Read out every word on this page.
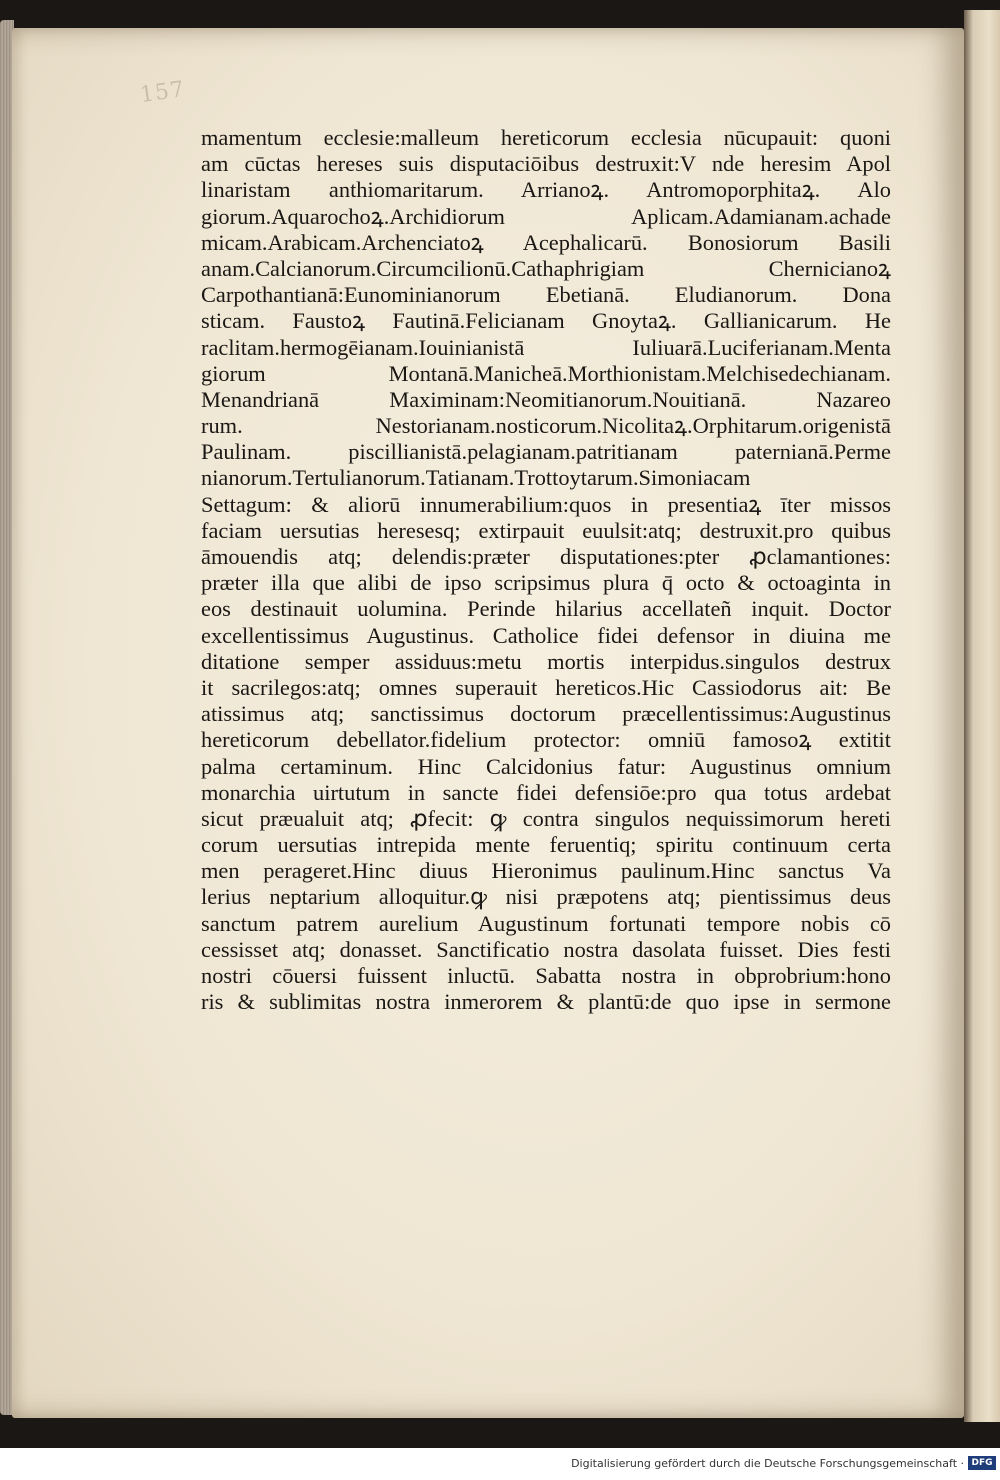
157
mamentum ecclesie:malleum hereticorum ecclesia nūcupauit: quoni
am cūctas hereses suis disputaciōibus destruxit:V nde heresim Apol
linaristam anthiomaritarum. Arrianoꝝ. Antromoporphitaꝝ. Alo
giorum.Aquarochoꝝ.Archidiorum Aplicam.Adamianam.achade
micam.Arabicam.Archenciatoꝝ Acephalicarū. Bonosiorum Basili
anam.Calcianorum.Circumcilionū.Cathaphrigiam Chernicianoꝝ
Carpothantianā:Eunominianorum Ebetianā. Eludianorum. Dona
sticam. Faustoꝝ Fautinā.Felicianam Gnoytaꝝ. Gallianicarum. He
raclitam.hermogēianam.Iouinianistā Iuliuarā.Luciferianam.Menta
giorum Montanā.Manicheā.Morthionistam.Melchisedechianam.
Menandrianā Maximinam:Neomitianorum.Nouitianā. Nazareo
rum. Nestorianam.nosticorum.Nicolitaꝝ.Orphitarum.origenistā
Paulinam. piscillianistā.pelagianam.patritianam paternianā.Perme
nianorum.Tertulianorum.Tatianam.Trottoytarum.Simoniacam
Settagum: & aliorū innumerabilium:quos in presentiaꝝ īter missos
faciam uersutias heresesq; extirpauit euulsit:atq; destruxit.pro quibus
āmouendis atq; delendis:præter disputationes:pter ꝓclamantiones:
præter illa que alibi de ipso scripsimus plura q̄ octo & octoaginta in
eos destinauit uolumina. Perinde hilarius accellateñ inquit. Doctor
excellentissimus Augustinus. Catholice fidei defensor in diuina me
ditatione semper assiduus:metu mortis interpidus.singulos destrux
it sacrilegos:atq; omnes superauit hereticos.Hic Cassiodorus ait: Be
atissimus atq; sanctissimus doctorum præcellentissimus:Augustinus
hereticorum debellator.fidelium protector: omniū famosoꝝ extitit
palma certaminum. Hinc Calcidonius fatur: Augustinus omnium
monarchia uirtutum in sancte fidei defensiōe:pro qua totus ardebat
sicut præualuit atq; ꝓfecit: ꝙ contra singulos nequissimorum hereti
corum uersutias intrepida mente feruentiq; spiritu continuum certa
men perageret.Hinc diuus Hieronimus paulinum.Hinc sanctus Va
lerius neptarium alloquitur.ꝙ nisi præpotens atq; pientissimus deus
sanctum patrem aurelium Augustinum fortunati tempore nobis cō
cessisset atq; donasset. Sanctificatio nostra dasolata fuisset. Dies festi
nostri cōuersi fuissent inluctū. Sabatta nostra in obprobrium:hono
ris & sublimitas nostra inmerorem & plantū:de quo ipse in sermone
Digitalisierung gefördert durch die Deutsche Forschungsgemeinschaft · DFG
